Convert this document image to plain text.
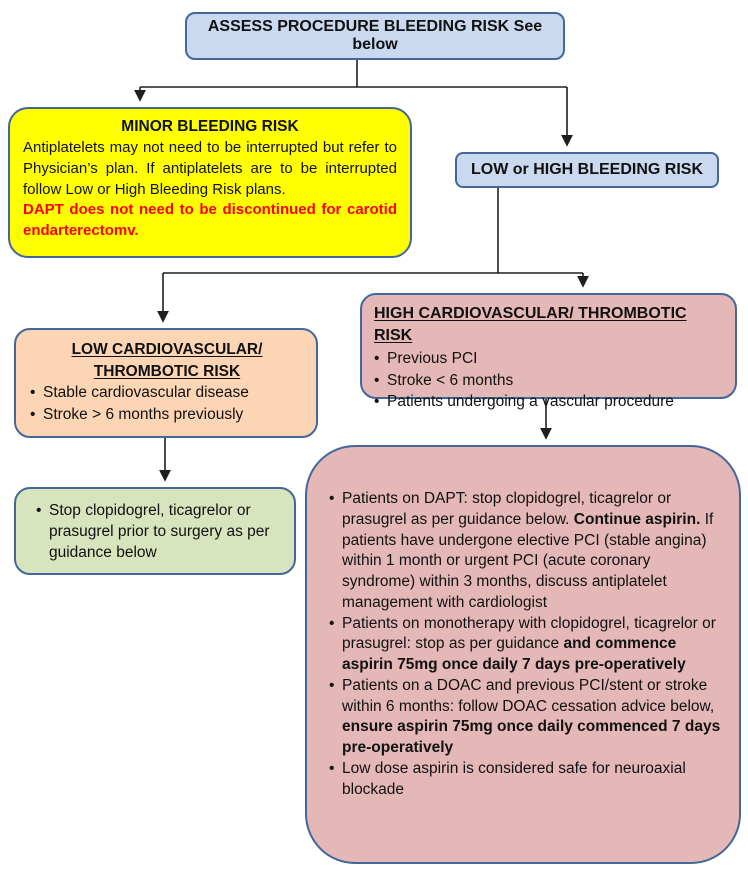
ASSESS PROCEDURE BLEEDING RISK See below
MINOR BLEEDING RISK
Antiplatelets may not need to be interrupted but refer to Physician’s plan. If antiplatelets are to be interrupted follow Low or High Bleeding Risk plans.
DAPT does not need to be discontinued for carotid endarterectomv.
LOW or HIGH BLEEDING RISK
LOW CARDIOVASCULAR/
THROMBOTIC RISK
• Stable cardiovascular disease
• Stroke > 6 months previously
HIGH CARDIOVASCULAR/ THROMBOTIC RISK
• Previous PCI
• Stroke < 6 months
• Patients undergoing a vascular procedure
• Stop clopidogrel, ticagrelor or prasugrel prior to surgery as per guidance below
• Patients on DAPT: stop clopidogrel, ticagrelor or prasugrel as per guidance below. Continue aspirin. If patients have undergone elective PCI (stable angina) within 1 month or urgent PCI (acute coronary syndrome) within 3 months, discuss antiplatelet management with cardiologist
• Patients on monotherapy with clopidogrel, ticagrelor or prasugrel: stop as per guidance and commence aspirin 75mg once daily 7 days pre-operatively
• Patients on a DOAC and previous PCI/stent or stroke within 6 months: follow DOAC cessation advice below, ensure aspirin 75mg once daily commenced 7 days pre-operatively
• Low dose aspirin is considered safe for neuroaxial blockade
